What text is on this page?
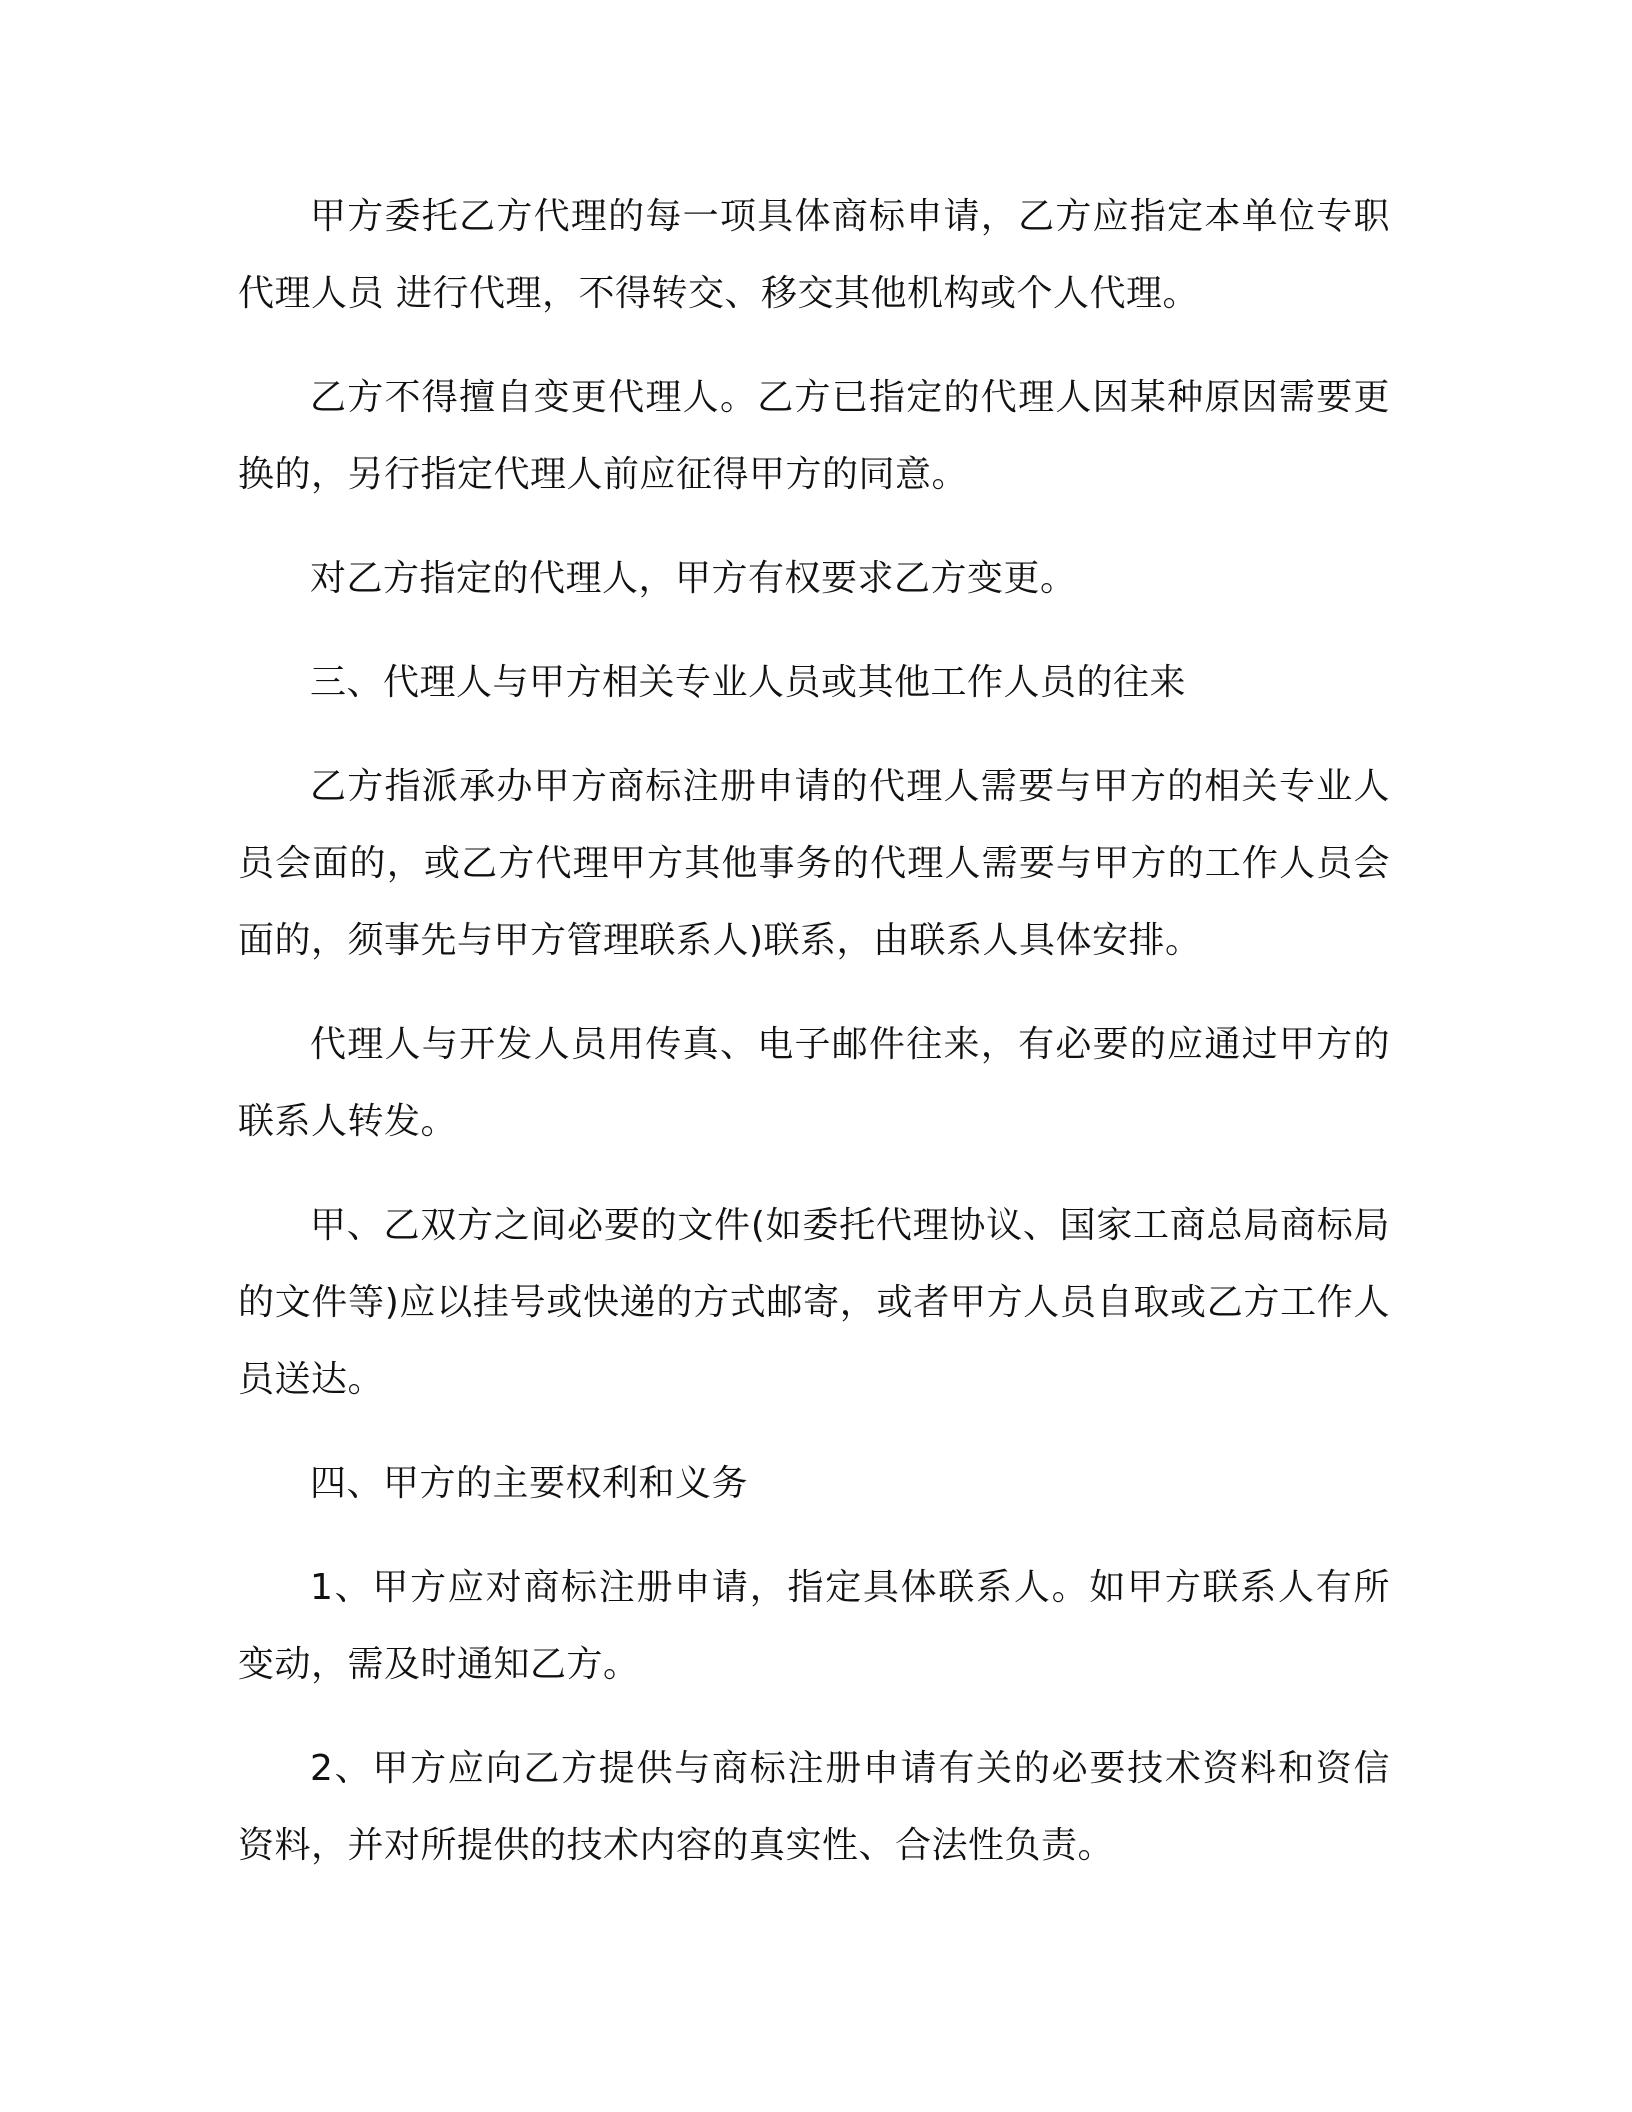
甲方委托乙方代理的每一项具体商标申请，乙方应指定本单位专职代理人员 进行代理，不得转交、移交其他机构或个人代理。

乙方不得擅自变更代理人。乙方已指定的代理人因某种原因需要更换的，另行指定代理人前应征得甲方的同意。

对乙方指定的代理人，甲方有权要求乙方变更。

三、代理人与甲方相关专业人员或其他工作人员的往来

乙方指派承办甲方商标注册申请的代理人需要与甲方的相关专业人员会面的，或乙方代理甲方其他事务的代理人需要与甲方的工作人员会面的，须事先与甲方管理联系人)联系，由联系人具体安排。

代理人与开发人员用传真、电子邮件往来，有必要的应通过甲方的联系人转发。

甲、乙双方之间必要的文件(如委托代理协议、国家工商总局商标局的文件等)应以挂号或快递的方式邮寄，或者甲方人员自取或乙方工作人员送达。

四、甲方的主要权利和义务

1、甲方应对商标注册申请，指定具体联系人。如甲方联系人有所变动，需及时通知乙方。

2、甲方应向乙方提供与商标注册申请有关的必要技术资料和资信资料，并对所提供的技术内容的真实性、合法性负责。
